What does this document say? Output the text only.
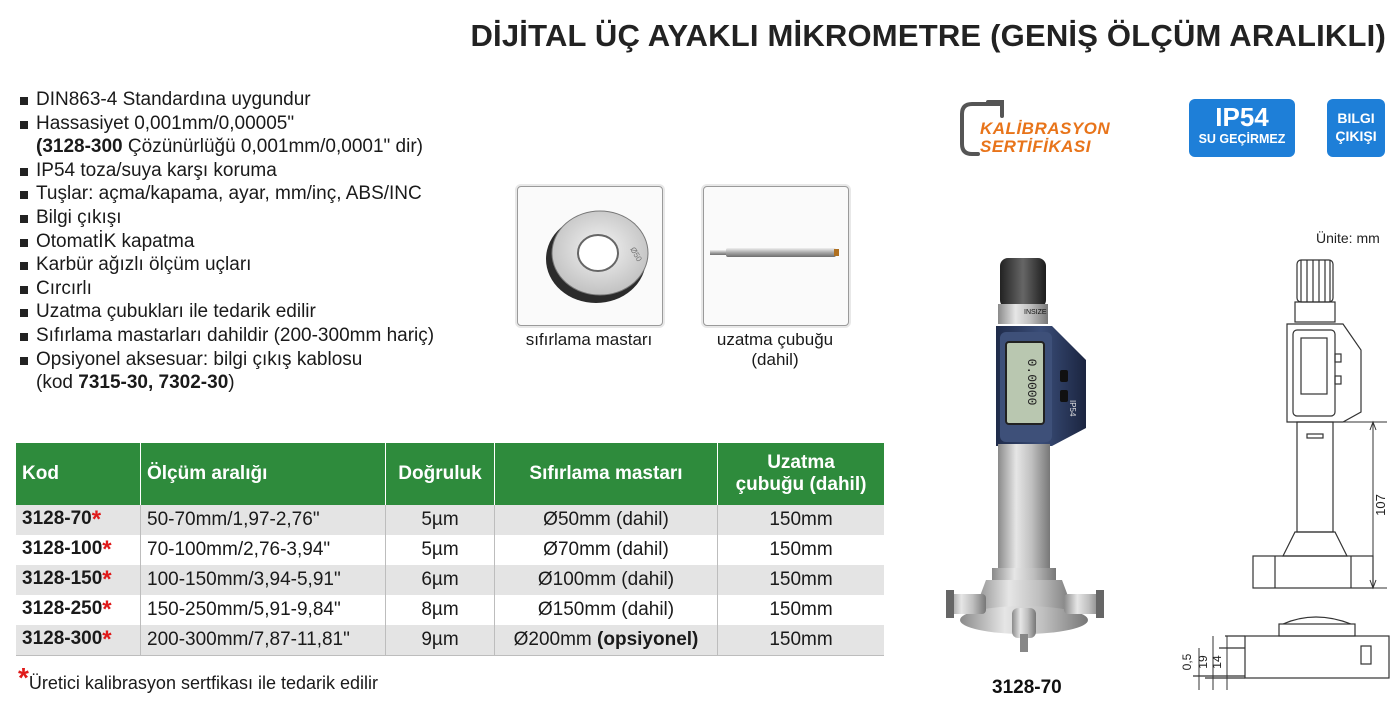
DİJİTAL ÜÇ AYAKLI MİKROMETRE (GENİŞ ÖLÇÜM ARALIKLI)
DIN863-4 Standardına uygundur
Hassasiyet 0,001mm/0,00005"
(3128-300 Çözünürlüğü 0,001mm/0,0001" dir)
IP54 toza/suya karşı koruma
Tuşlar: açma/kapama, ayar, mm/inç, ABS/INC
Bilgi çıkışı
OtomatİK kapatma
Karbür ağızlı ölçüm uçları
Cırcırlı
Uzatma çubukları ile tedarik edilir
Sıfırlama mastarları dahildir (200-300mm hariç)
Opsiyonel aksesuar: bilgi çıkış kablosu
(kod 7315-30, 7302-30)
Ø50
sıfırlama mastarı	uzatma çubuğu
(dahil)
KALİBRASYON
SERTİFİKASI
IP54
SU GEÇİRMEZ
BILGI
ÇIKIŞI
Kod	Ölçüm aralığı	Doğruluk	Sıfırlama mastarı	Uzatma
çubuğu (dahil)

3128-70*	50-70mm/1,97-2,76"	5µm	Ø50mm (dahil)	150mm
3128-100*	70-100mm/2,76-3,94"	5µm	Ø70mm (dahil)	150mm
3128-150*	100-150mm/3,94-5,91"	6µm	Ø100mm (dahil)	150mm
3128-250*	150-250mm/5,91-9,84"	8µm	Ø150mm (dahil)	150mm
3128-300*	200-300mm/7,87-11,81"	9µm	Ø200mm (opsiyonel)	150mm
*Üretici kalibrasyon sertfikası ile tedarik edilir
0.0000
INSIZE
IP54
3128-70
Ünite: mm
107
0,5 19 14
